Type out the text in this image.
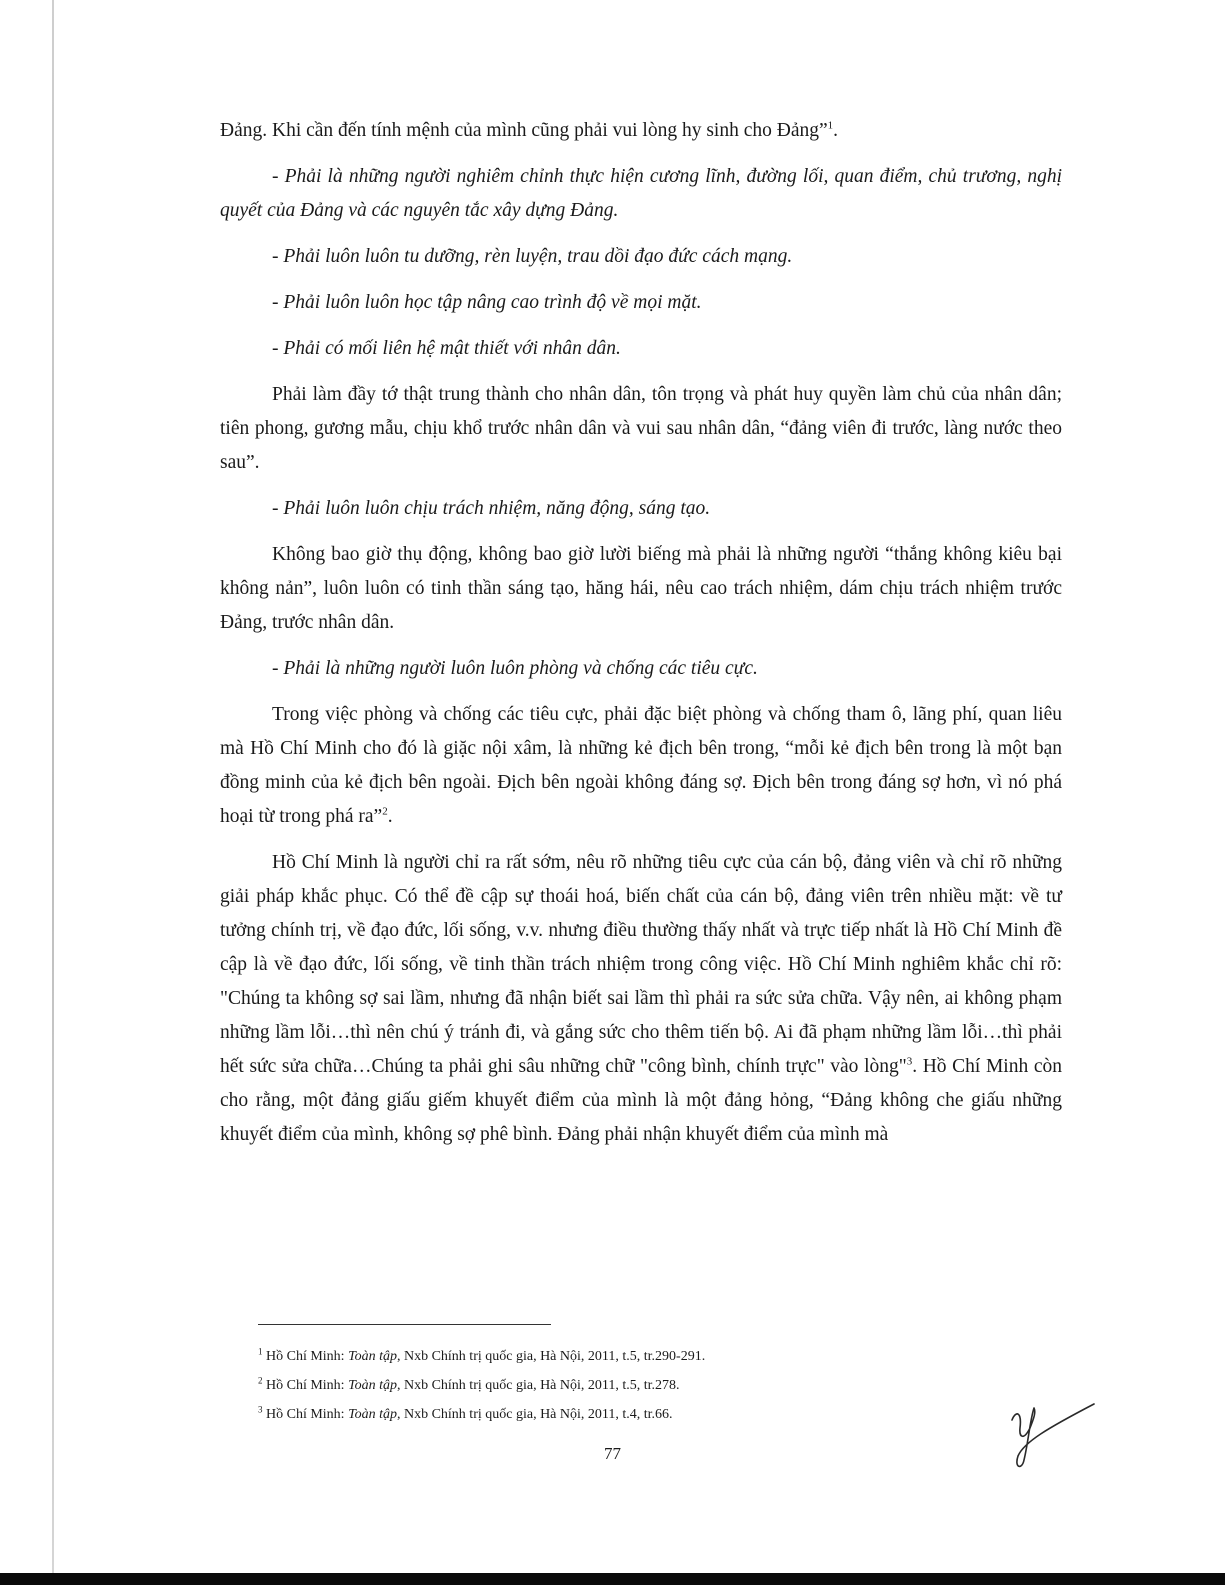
Đảng. Khi cần đến tính mệnh của mình cũng phải vui lòng hy sinh cho Đảng”$^1$.

- Phải là những người nghiêm chỉnh thực hiện cương lĩnh, đường lối, quan điểm, chủ trương, nghị quyết của Đảng và các nguyên tắc xây dựng Đảng.

- Phải luôn luôn tu dưỡng, rèn luyện, trau dồi đạo đức cách mạng.

- Phải luôn luôn học tập nâng cao trình độ về mọi mặt.

- Phải có mối liên hệ mật thiết với nhân dân.

Phải làm đầy tớ thật trung thành cho nhân dân, tôn trọng và phát huy quyền làm chủ của nhân dân; tiên phong, gương mẫu, chịu khổ trước nhân dân và vui sau nhân dân, “đảng viên đi trước, làng nước theo sau”.

- Phải luôn luôn chịu trách nhiệm, năng động, sáng tạo.

Không bao giờ thụ động, không bao giờ lười biếng mà phải là những người “thắng không kiêu bại không nản”, luôn luôn có tinh thần sáng tạo, hăng hái, nêu cao trách nhiệm, dám chịu trách nhiệm trước Đảng, trước nhân dân.

- Phải là những người luôn luôn phòng và chống các tiêu cực.

Trong việc phòng và chống các tiêu cực, phải đặc biệt phòng và chống tham ô, lãng phí, quan liêu mà Hồ Chí Minh cho đó là giặc nội xâm, là những kẻ địch bên trong, “mỗi kẻ địch bên trong là một bạn đồng minh của kẻ địch bên ngoài. Địch bên ngoài không đáng sợ. Địch bên trong đáng sợ hơn, vì nó phá hoại từ trong phá ra”$^2$.

Hồ Chí Minh là người chỉ ra rất sớm, nêu rõ những tiêu cực của cán bộ, đảng viên và chỉ rõ những giải pháp khắc phục. Có thể đề cập sự thoái hoá, biến chất của cán bộ, đảng viên trên nhiều mặt: về tư tưởng chính trị, về đạo đức, lối sống, v.v. nhưng điều thường thấy nhất và trực tiếp nhất là Hồ Chí Minh đề cập là về đạo đức, lối sống, về tinh thần trách nhiệm trong công việc. Hồ Chí Minh nghiêm khắc chỉ rõ: "Chúng ta không sợ sai lầm, nhưng đã nhận biết sai lầm thì phải ra sức sửa chữa. Vậy nên, ai không phạm những lầm lỗi…thì nên chú ý tránh đi, và gắng sức cho thêm tiến bộ. Ai đã phạm những lầm lỗi…thì phải hết sức sửa chữa…Chúng ta phải ghi sâu những chữ "công bình, chính trực" vào lòng"$^3$. Hồ Chí Minh còn cho rằng, một đảng giấu giếm khuyết điểm của mình là một đảng hỏng, “Đảng không che giấu những khuyết điểm của mình, không sợ phê bình. Đảng phải nhận khuyết điểm của mình mà

$^1$ Hồ Chí Minh: Toàn tập, Nxb Chính trị quốc gia, Hà Nội, 2011, t.5, tr.290-291.
$^2$ Hồ Chí Minh: Toàn tập, Nxb Chính trị quốc gia, Hà Nội, 2011, t.5, tr.278.
$^3$ Hồ Chí Minh: Toàn tập, Nxb Chính trị quốc gia, Hà Nội, 2011, t.4, tr.66.
77
